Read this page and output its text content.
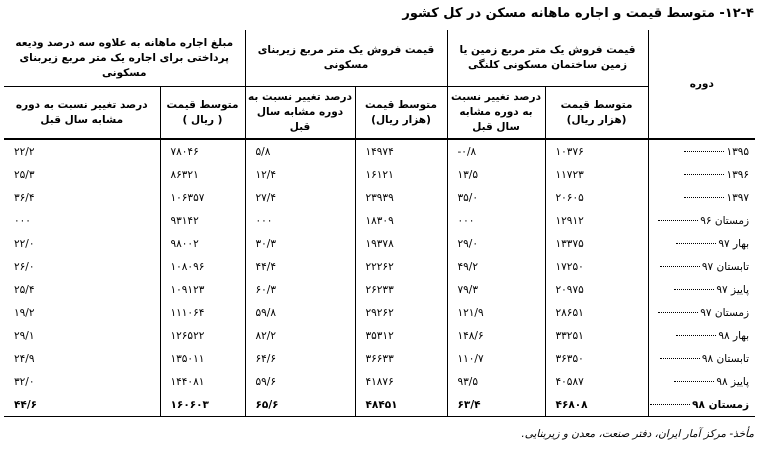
۱۲-۴- متوسط قیمت و اجاره ماهانه مسکن در کل کشور
دوره	قیمت فروش یک متر مربع زمین یا زمین ساختمان مسکونی کلنگی		قیمت فروش یک متر مربع زیربنای مسکونی		مبلغ اجاره ماهانه به علاوه سه درصد ودیعه پرداختی برای اجاره یک متر مربع زیربنای مسکونی	
	متوسط قیمت (هزار ریال)	درصد تغییر نسبت به دوره مشابه سال قبل	متوسط قیمت (هزار ریال)	درصد تغییر نسبت به دوره مشابه سال قبل	متوسط قیمت ( ریال )	درصد تغییر نسبت به دوره مشابه سال قبل
۱۳۹۵	۱۰۳۷۶	-۰/۸	۱۴۹۷۴	۵/۸	۷۸۰۴۶	۲۲/۲
۱۳۹۶	۱۱۷۲۳	۱۳/۵	۱۶۱۲۱	۱۲/۴	۸۶۳۲۱	۲۵/۳
۱۳۹۷	۲۰۶۰۵	۳۵/۰	۲۳۹۳۹	۲۷/۴	۱۰۶۳۵۷	۳۶/۴
زمستان ۹۶	۱۲۹۱۲	۰۰۰	۱۸۳۰۹	۰۰۰	۹۳۱۴۲	۰۰۰
بهار ۹۷	۱۳۳۷۵	۲۹/۰	۱۹۳۷۸	۳۰/۳	۹۸۰۰۲	۲۲/۰
تابستان ۹۷	۱۷۲۵۰	۴۹/۲	۲۲۲۶۲	۴۴/۴	۱۰۸۰۹۶	۲۶/۰
پاییز ۹۷	۲۰۹۷۵	۷۹/۳	۲۶۲۳۳	۶۰/۳	۱۰۹۱۲۳	۲۵/۴
زمستان ۹۷	۲۸۶۵۱	۱۲۱/۹	۲۹۲۶۲	۵۹/۸	۱۱۱۰۶۴	۱۹/۲
بهار ۹۸	۳۳۲۵۱	۱۴۸/۶	۳۵۳۱۲	۸۲/۲	۱۲۶۵۲۲	۲۹/۱
تابستان ۹۸	۳۶۳۵۰	۱۱۰/۷	۳۶۶۳۳	۶۴/۶	۱۳۵۰۱۱	۲۴/۹
پاییز ۹۸	۴۰۵۸۷	۹۳/۵	۴۱۸۷۶	۵۹/۶	۱۴۴۰۸۱	۳۲/۰
زمستان ۹۸	۴۶۸۰۸	۶۳/۴	۴۸۴۵۱	۶۵/۶	۱۶۰۶۰۳	۴۴/۶
مأخذ- مرکز آمار ایران، دفتر صنعت، معدن و زیربنایی.
